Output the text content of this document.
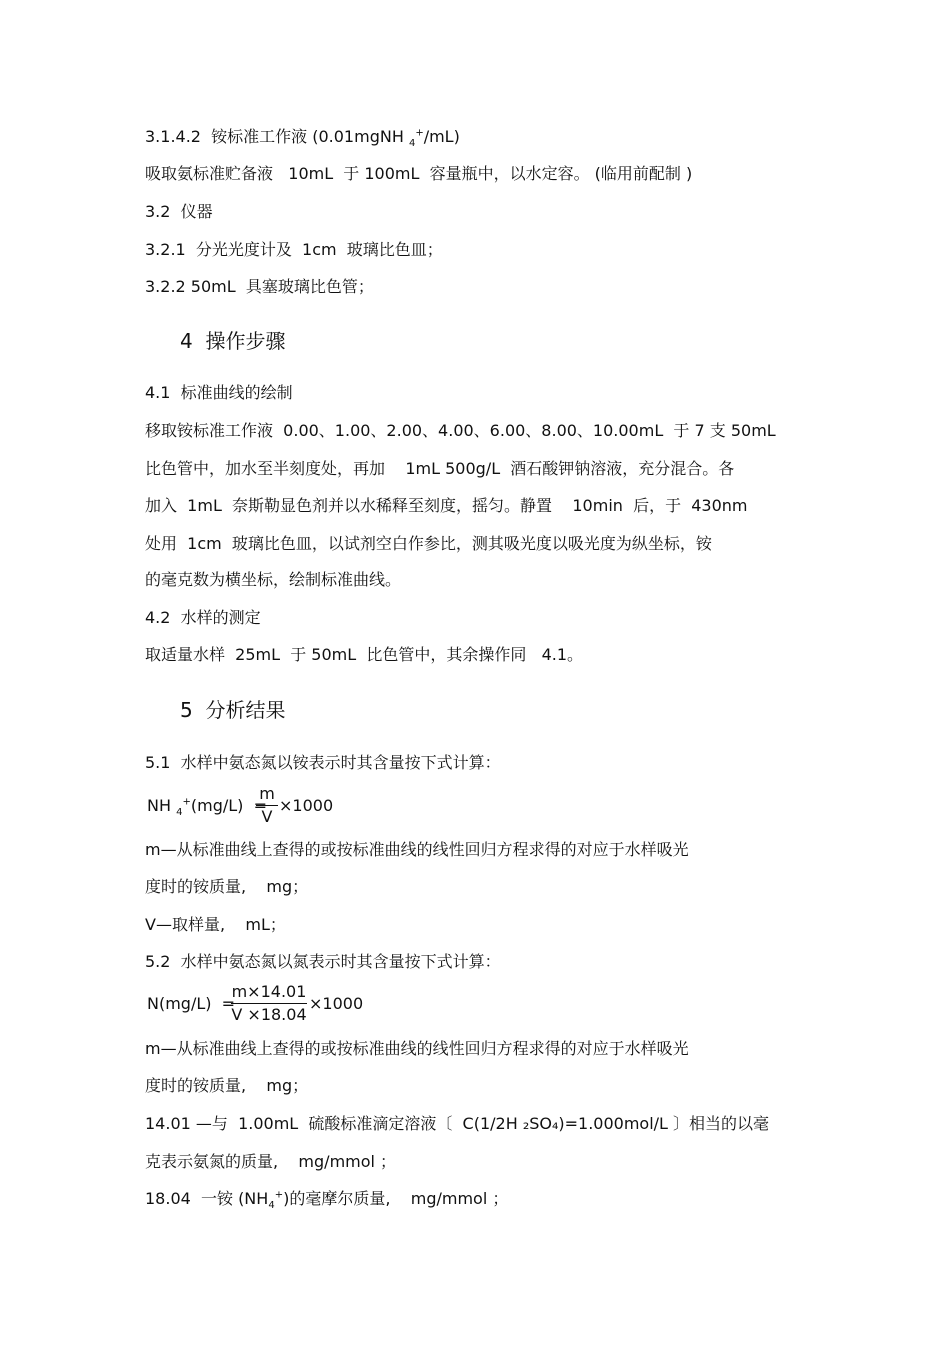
3.1.4.2  铵标准工作液 (0.01mgNH $_4$+/mL)
吸取氨标准贮备液   10mL  于 100mL  容量瓶中，以水定容。 (临用前配制 )
3.2  仪器
3.2.1  分光光度计及  1cm  玻璃比色皿；
3.2.2 50mL  具塞玻璃比色管；
4  操作步骤
4.1  标准曲线的绘制
移取铵标准工作液  0.00、1.00、2.00、4.00、6.00、8.00、10.00mL  于 7 支 50mL
比色管中，加水至半刻度处，再加    1mL 500g/L  酒石酸钾钠溶液，充分混合。各
加入  1mL  奈斯勒显色剂并以水稀释至刻度，摇匀。静置    10min  后，于  430nm
处用  1cm  玻璃比色皿，以试剂空白作参比，测其吸光度以吸光度为纵坐标，铵
的毫克数为横坐标，绘制标准曲线。
4.2  水样的测定
取适量水样  25mL  于 50mL  比色管中，其余操作同   4.1。
5  分析结果
5.1  水样中氨态氮以铵表示时其含量按下式计算：
NH $_4$+(mg/L)  =
m
V
×1000
m—从标准曲线上查得的或按标准曲线的线性回归方程求得的对应于水样吸光
度时的铵质量,    mg；
V—取样量,    mL；
5.2  水样中氨态氮以氮表示时其含量按下式计算：
N(mg/L)  =
m×14.01
V ×18.04
×1000
m—从标准曲线上查得的或按标准曲线的线性回归方程求得的对应于水样吸光
度时的铵质量,    mg；
14.01 —与  1.00mL  硫酸标准滴定溶液〔  C(1/2H ₂SO₄)=1.000mol/L 〕相当的以毫
克表示氨氮的质量,    mg/mmol ；
18.04  一铵 $(NH_4^+)$的毫摩尔质量,    mg/mmol ；
